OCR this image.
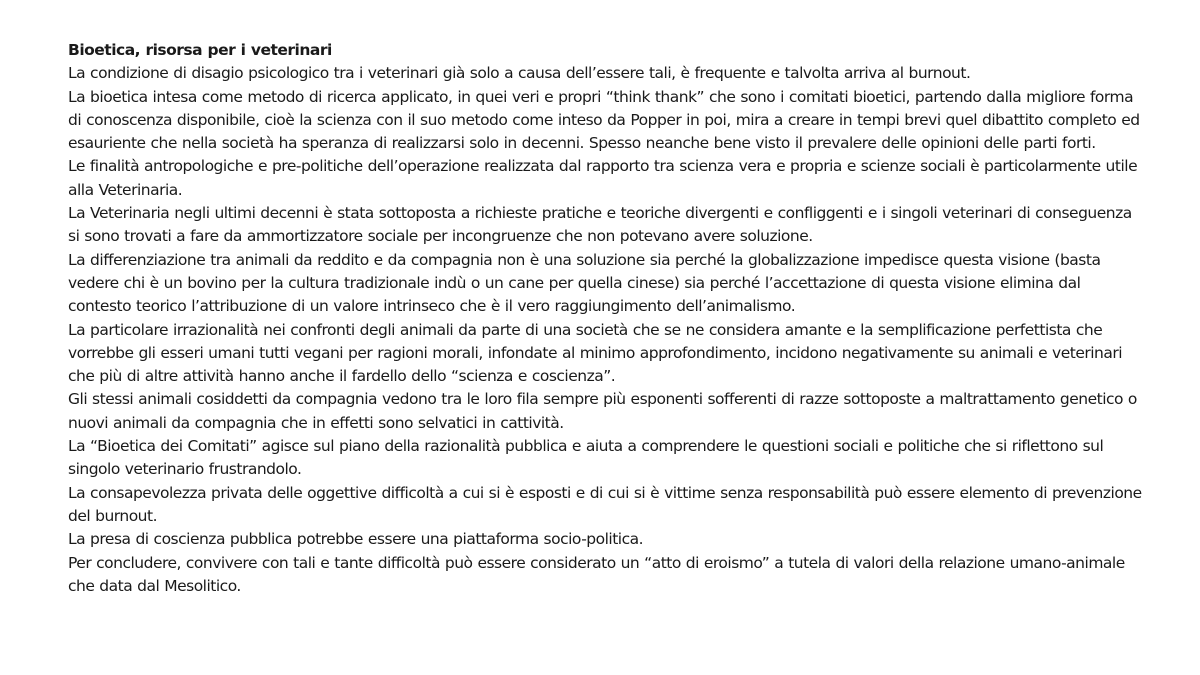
Bioetica, risorsa per i veterinari

La condizione di disagio psicologico tra i veterinari già solo a causa dell’essere tali, è frequente e talvolta arriva al burnout.

La bioetica intesa come metodo di ricerca applicato, in quei veri e propri “think thank” che sono i comitati bioetici, partendo dalla migliore forma di conoscenza disponibile, cioè la scienza con il suo metodo come inteso da Popper in poi, mira a creare in tempi brevi quel dibattito completo ed esauriente che nella società ha speranza di realizzarsi solo in decenni. Spesso neanche bene visto il prevalere delle opinioni delle parti forti.

Le finalità antropologiche e pre-politiche dell’operazione realizzata dal rapporto tra scienza vera e propria e scienze sociali è particolarmente utile alla Veterinaria.

La Veterinaria negli ultimi decenni è stata sottoposta a richieste pratiche e teoriche divergenti e confliggenti e i singoli veterinari di conseguenza si sono trovati a fare da ammortizzatore sociale per incongruenze che non potevano avere soluzione.

La differenziazione tra animali da reddito e da compagnia non è una soluzione sia perché la globalizzazione impedisce questa visione (basta vedere chi è un bovino per la cultura tradizionale indù o un cane per quella cinese) sia perché l’accettazione di questa visione elimina dal contesto teorico l’attribuzione di un valore intrinseco che è il vero raggiungimento dell’animalismo.

La particolare irrazionalità nei confronti degli animali da parte di una società che se ne considera amante e la semplificazione perfettista che vorrebbe gli esseri umani tutti vegani per ragioni morali, infondate al minimo approfondimento, incidono negativamente su animali e veterinari che più di altre attività hanno anche il fardello dello “scienza e coscienza”.

Gli stessi animali cosiddetti da compagnia vedono tra le loro fila sempre più esponenti sofferenti di razze sottoposte a maltrattamento genetico o nuovi animali da compagnia che in effetti sono selvatici in cattività.

La “Bioetica dei Comitati” agisce sul piano della razionalità pubblica e aiuta a comprendere le questioni sociali e politiche che si riflettono sul singolo veterinario frustrandolo.

La consapevolezza privata delle oggettive difficoltà a cui si è esposti e di cui si è vittime senza responsabilità può essere elemento di prevenzione del burnout.

La presa di coscienza pubblica potrebbe essere una piattaforma socio-politica.

Per concludere, convivere con tali e tante difficoltà può essere considerato un “atto di eroismo” a tutela di valori della relazione umano-animale che data dal Mesolitico.
